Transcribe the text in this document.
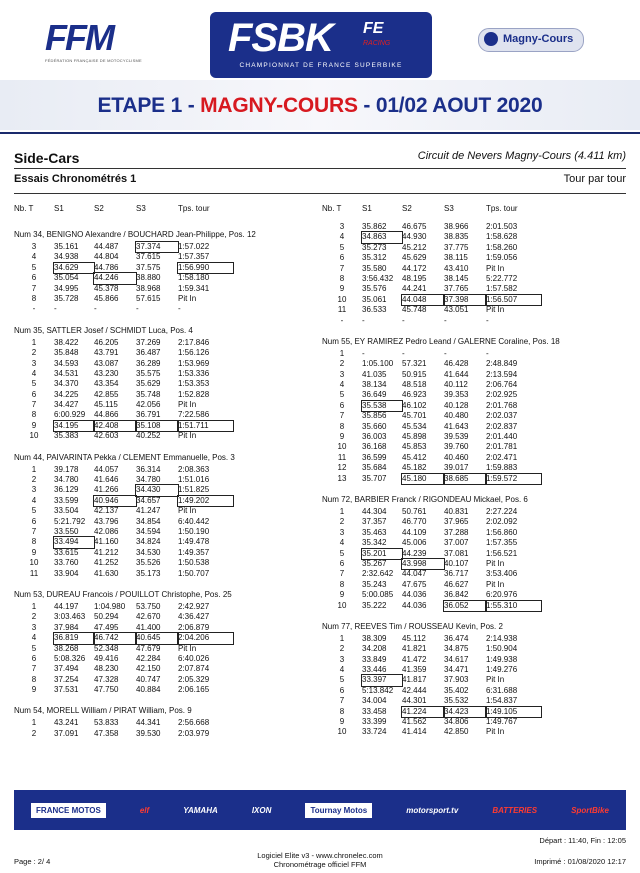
FFM
FÉDÉRATION FRANÇAISE DE MOTOCYCLISME
FSBK FE
RACING
CHAMPIONNAT DE FRANCE SUPERBIKE
Magny-Cours
ETAPE 1 - MAGNY-COURS - 01/02 AOUT 2020
Side-Cars	Circuit de Nevers Magny-Cours (4.411 km)
Essais Chronométrés 1	Tour par tour
Nb. T	S1	S2	S3	Tps. tour
Num 34, BENIGNO Alexandre / BOUCHARD Jean-Philippe, Pos. 12
3	35.161	44.487	37.374	1:57.022
4	34.938	44.804	37.615	1:57.357
5	34.629	44.786	37.575	1:56.990
6	35.054	44.246	38.880	1:58.180
7	34.995	45.378	38.968	1:59.341
8	35.728	45.866	57.615	Pit In
-	-	-	-	-
Num 35, SATTLER Josef / SCHMIDT Luca, Pos. 4
1	38.422	46.205	37.269	2:17.846
2	35.848	43.791	36.487	1:56.126
3	34.593	43.087	36.289	1:53.969
4	34.531	43.230	35.575	1:53.336
5	34.370	43.354	35.629	1:53.353
6	34.225	42.855	35.748	1:52.828
7	34.427	45.115	42.056	Pit In
8	6:00.929	44.866	36.791	7:22.586
9	34.195	42.408	35.108	1:51.711
10	35.383	42.603	40.252	Pit In
Num 44, PAIVARINTA Pekka / CLEMENT Emmanuelle, Pos. 3
1	39.178	44.057	36.314	2:08.363
2	34.780	41.646	34.780	1:51.016
3	36.129	41.266	34.430	1:51.825
4	33.599	40.946	34.657	1:49.202
5	33.504	42.137	41.247	Pit In
6	5:21.792	43.796	34.854	6:40.442
7	33.550	42.086	34.594	1:50.190
8	33.494	41.160	34.824	1:49.478
9	33.615	41.212	34.530	1:49.357
10	33.760	41.252	35.526	1:50.538
11	33.904	41.630	35.173	1:50.707
Num 53, DUREAU Francois / POUILLOT Christophe, Pos. 25
1	44.197	1:04.980	53.750	2:42.927
2	3:03.463	50.294	42.670	4:36.427
3	37.984	47.495	41.400	2:06.879
4	36.819	46.742	40.645	2:04.206
5	38.268	52.348	47.679	Pit In
6	5:08.326	49.416	42.284	6:40.026
7	37.494	48.230	42.150	2:07.874
8	37.254	47.328	40.747	2:05.329
9	37.531	47.750	40.884	2:06.165
Num 54, MORELL William / PIRAT William, Pos. 9
1	43.241	53.833	44.341	2:56.668
2	37.091	47.358	39.530	2:03.979
Nb. T	S1	S2	S3	Tps. tour
3	35.862	46.675	38.966	2:01.503
4	34.863	44.930	38.835	1:58.628
5	35.273	45.212	37.775	1:58.260
6	35.312	45.629	38.115	1:59.056
7	35.580	44.172	43.410	Pit In
8	3:56.432	48.195	38.145	5:22.772
9	35.576	44.241	37.765	1:57.582
10	35.061	44.048	37.398	1:56.507
11	36.533	45.748	43.051	Pit In
-	-	-	-	-
Num 55, EY RAMIREZ Pedro Leand / GALERNE Coraline, Pos. 18
1	-	-	-	-
2	1:05.100	57.321	46.428	2:48.849
3	41.035	50.915	41.644	2:13.594
4	38.134	48.518	40.112	2:06.764
5	36.649	46.923	39.353	2:02.925
6	35.538	46.102	40.128	2:01.768
7	35.856	45.701	40.480	2:02.037
8	35.660	45.534	41.643	2:02.837
9	36.003	45.898	39.539	2:01.440
10	36.168	45.853	39.760	2:01.781
11	36.599	45.412	40.460	2:02.471
12	35.684	45.182	39.017	1:59.883
13	35.707	45.180	38.685	1:59.572
Num 72, BARBIER Franck / RIGONDEAU Mickael, Pos. 6
1	44.304	50.761	40.831	2:27.224
2	37.357	46.770	37.965	2:02.092
3	35.463	44.109	37.288	1:56.860
4	35.342	45.006	37.007	1:57.355
5	35.201	44.239	37.081	1:56.521
6	35.267	43.998	40.107	Pit In
7	2:32.642	44.047	36.717	3:53.406
8	35.243	47.675	46.627	Pit In
9	5:00.085	44.036	36.842	6:20.976
10	35.222	44.036	36.052	1:55.310
Num 77, REEVES Tim / ROUSSEAU Kevin, Pos. 2
1	38.309	45.112	36.474	2:14.938
2	34.208	41.821	34.875	1:50.904
3	33.849	41.472	34.617	1:49.938
4	33.446	41.359	34.471	1:49.276
5	33.397	41.817	37.903	Pit In
6	5:13.842	42.444	35.402	6:31.688
7	34.004	44.301	35.532	1:54.837
8	33.458	41.224	34.423	1:49.105
9	33.399	41.562	34.806	1:49.767
10	33.724	41.414	42.850	Pit In
FRANCE MOTOS	elf	YAMAHA	IXON	Tournay Motos	motorsport.tv	BATTERIES	SportBike
Départ : 11:40, Fin : 12:05
Page : 2/ 4
Logiciel Elite v3 - www.chronelec.com
Chronométrage officiel FFM	Imprimé : 01/08/2020 12:17
